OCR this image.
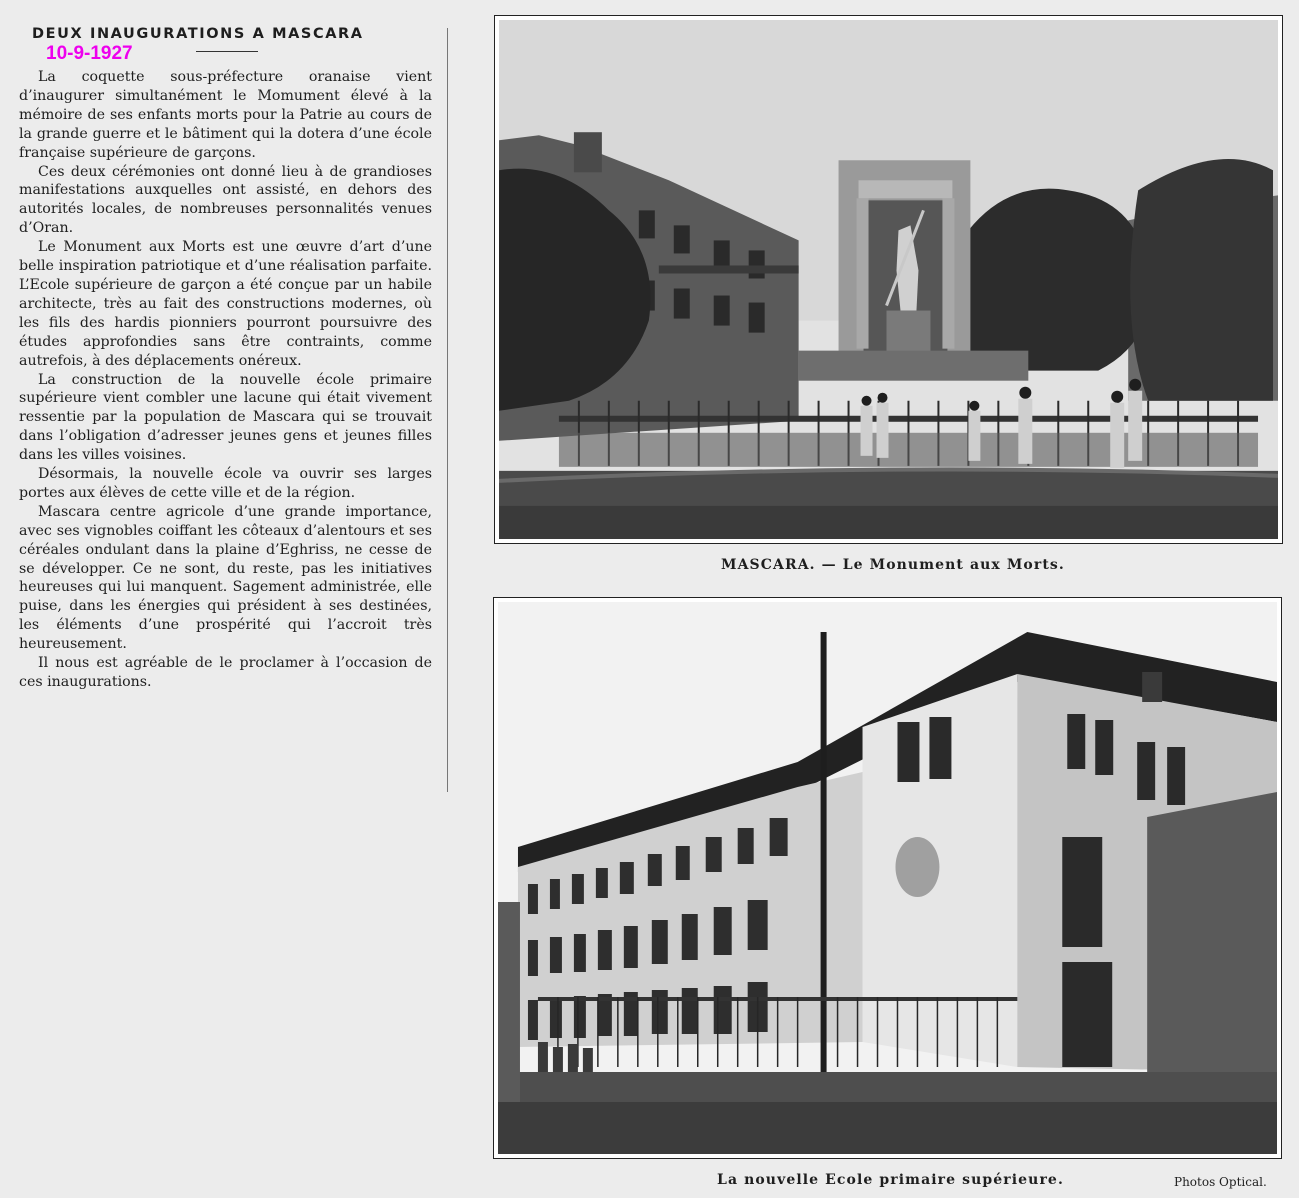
DEUX INAUGURATIONS A MASCARA
10-9-1927

La coquette sous-préfecture oranaise vient d’inaugurer simultanément le Momument élevé à la mémoire de ses enfants morts pour la Patrie au cours de la grande guerre et le bâtiment qui la dotera d’une école française supérieure de garçons.

Ces deux cérémonies ont donné lieu à de grandioses manifestations auxquelles ont assisté, en dehors des autorités locales, de nombreuses personnalités venues d’Oran.

Le Monument aux Morts est une œuvre d’art d’une belle inspiration patriotique et d’une réalisation parfaite. L’Ecole supérieure de garçon a été conçue par un habile architecte, très au fait des constructions modernes, où les fils des hardis pionniers pourront poursuivre des études approfondies sans être contraints, comme autrefois, à des déplacements onéreux.

La construction de la nouvelle école primaire supérieure vient combler une lacune qui était vivement ressentie par la population de Mascara qui se trouvait dans l’obligation d’adresser jeunes gens et jeunes filles dans les villes voisines.

Désormais, la nouvelle école va ouvrir ses larges portes aux élèves de cette ville et de la région.

Mascara centre agricole d’une grande importance, avec ses vignobles coiffant les côteaux d’alentours et ses céréales ondulant dans la plaine d’Eghriss, ne cesse de se développer. Ce ne sont, du reste, pas les initiatives heureuses qui lui manquent. Sagement administrée, elle puise, dans les énergies qui président à ses destinées, les éléments d’une prospérité qui l’accroit très heureusement.

Il nous est agréable de le proclamer à l’occasion de ces inaugurations.

MASCARA. — Le Monument aux Morts.
La nouvelle Ecole primaire supérieure.	Photos Optical.
